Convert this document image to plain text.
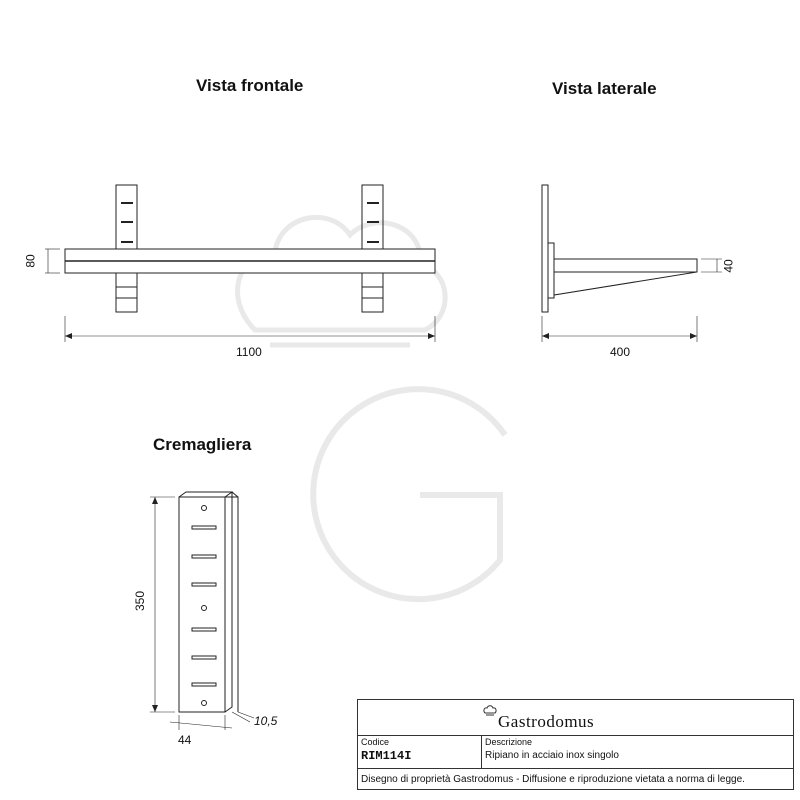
Vista frontale	Vista laterale
Cremagliera
80
1100
40
400
350
44
10,5	Gastrodomus
Codice
RIM114I
Descrizione
Ripiano in acciaio inox singolo
Disegno di proprietà Gastrodomus - Diffusione e riproduzione vietata a norma di legge.
